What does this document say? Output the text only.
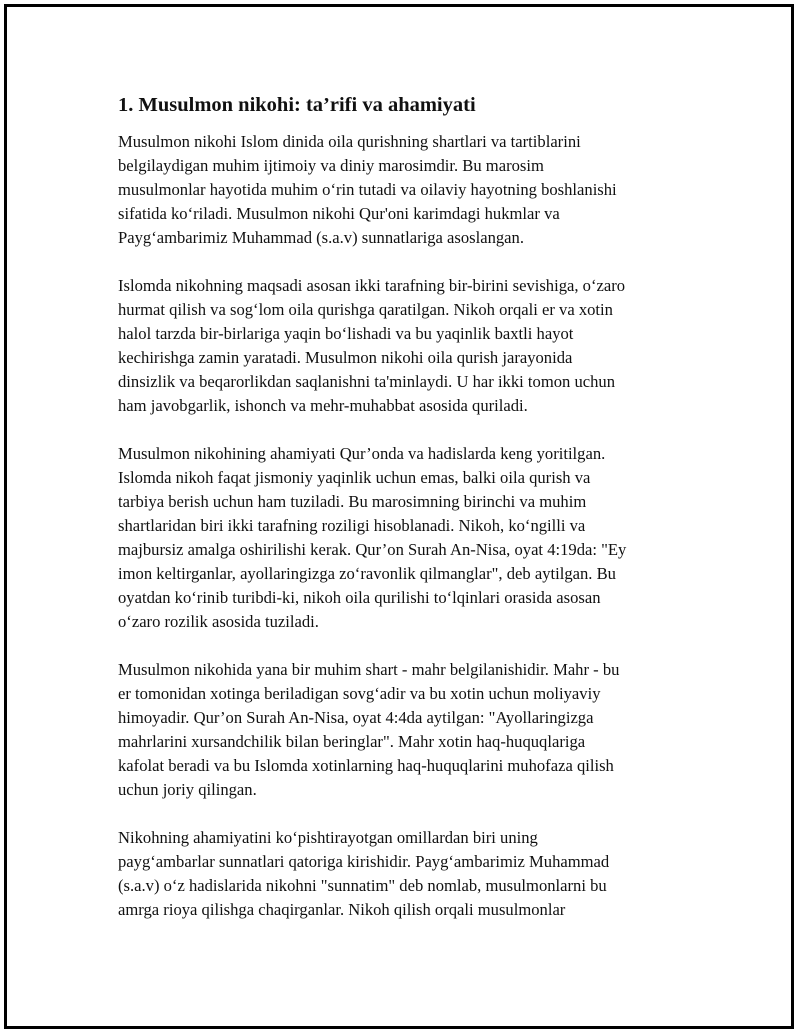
1. Musulmon nikohi: ta’rifi va ahamiyati

Musulmon nikohi Islom dinida oila qurishning shartlari va tartiblarini
belgilaydigan muhim ijtimoiy va diniy marosimdir. Bu marosim
musulmonlar hayotida muhim oʻrin tutadi va oilaviy hayotning boshlanishi
sifatida koʻriladi. Musulmon nikohi Qur'oni karimdagi hukmlar va
Paygʻambarimiz Muhammad (s.a.v) sunnatlariga asoslangan.

Islomda nikohning maqsadi asosan ikki tarafning bir-birini sevishiga, oʻzaro
hurmat qilish va sogʻlom oila qurishga qaratilgan. Nikoh orqali er va xotin
halol tarzda bir-birlariga yaqin boʻlishadi va bu yaqinlik baxtli hayot
kechirishga zamin yaratadi. Musulmon nikohi oila qurish jarayonida
dinsizlik va beqarorlikdan saqlanishni ta'minlaydi. U har ikki tomon uchun
ham javobgarlik, ishonch va mehr-muhabbat asosida quriladi.

Musulmon nikohining ahamiyati Qur’onda va hadislarda keng yoritilgan.
Islomda nikoh faqat jismoniy yaqinlik uchun emas, balki oila qurish va
tarbiya berish uchun ham tuziladi. Bu marosimning birinchi va muhim
shartlaridan biri ikki tarafning roziligi hisoblanadi. Nikoh, koʻngilli va
majbursiz amalga oshirilishi kerak. Qur’on Surah An-Nisa, oyat 4:19da: "Ey
imon keltirganlar, ayollaringizga zoʻravonlik qilmanglar", deb aytilgan. Bu
oyatdan koʻrinib turibdi-ki, nikoh oila qurilishi toʻlqinlari orasida asosan
oʻzaro rozilik asosida tuziladi.

Musulmon nikohida yana bir muhim shart - mahr belgilanishidir. Mahr - bu
er tomonidan xotinga beriladigan sovgʻadir va bu xotin uchun moliyaviy
himoyadir. Qur’on Surah An-Nisa, oyat 4:4da aytilgan: "Ayollaringizga
mahrlarini xursandchilik bilan beringlar". Mahr xotin haq-huquqlariga
kafolat beradi va bu Islomda xotinlarning haq-huquqlarini muhofaza qilish
uchun joriy qilingan.

Nikohning ahamiyatini koʻpishtirayotgan omillardan biri uning
paygʻambarlar sunnatlari qatoriga kirishidir. Paygʻambarimiz Muhammad
(s.a.v) oʻz hadislarida nikohni "sunnatim" deb nomlab, musulmonlarni bu
amrga rioya qilishga chaqirganlar. Nikoh qilish orqali musulmonlar
